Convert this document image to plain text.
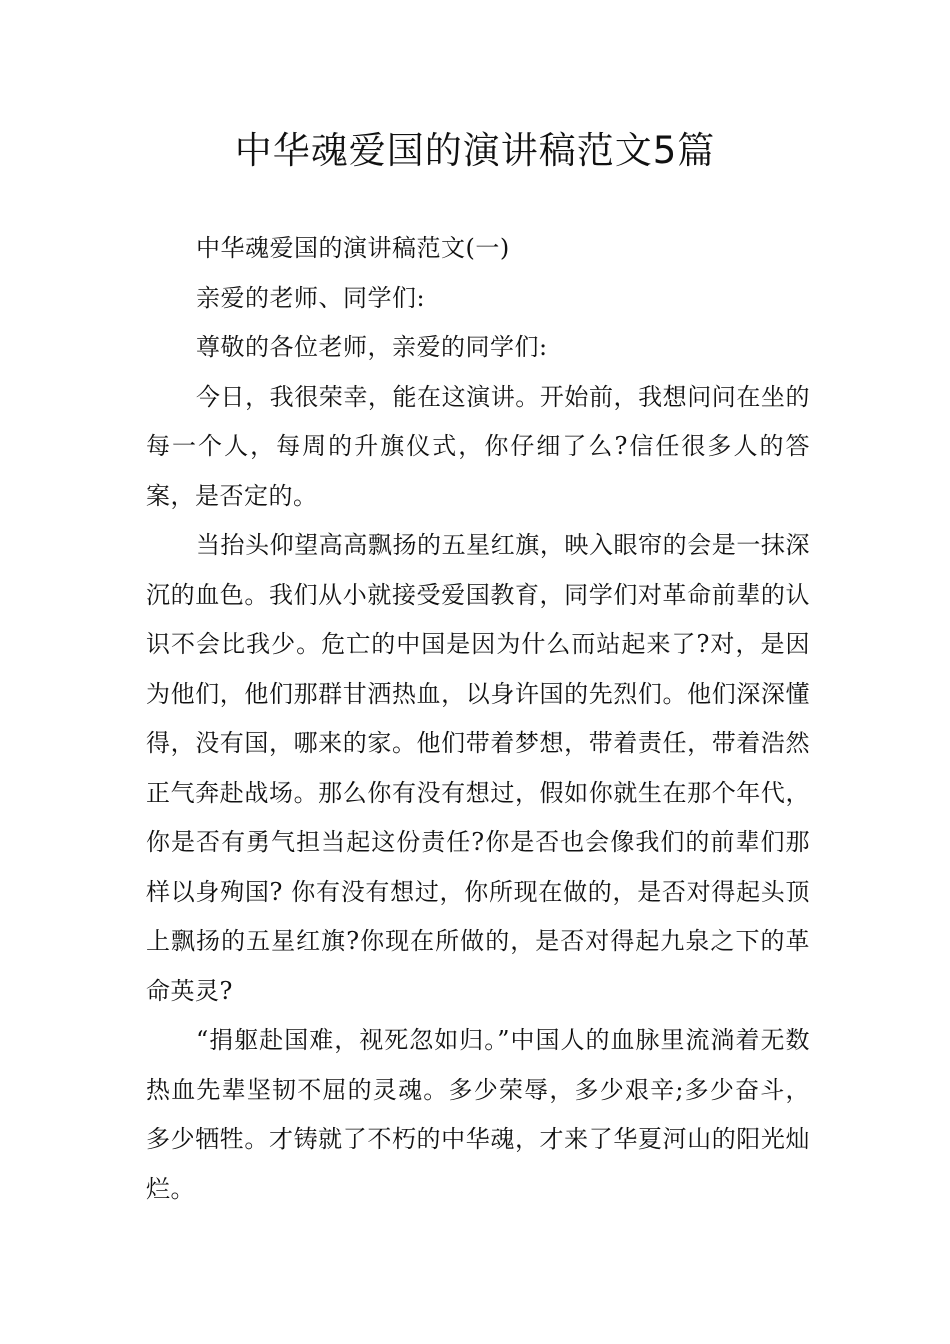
中华魂爱国的演讲稿范文5篇

中华魂爱国的演讲稿范文(一)

亲爱的老师、同学们:

尊敬的各位老师，亲爱的同学们:

今日，我很荣幸，能在这演讲。开始前，我想问问在坐的每一个人，每周的升旗仪式，你仔细了么?信任很多人的答案，是否定的。

当抬头仰望高高飘扬的五星红旗，映入眼帘的会是一抹深沉的血色。我们从小就接受爱国教育，同学们对革命前辈的认识不会比我少。危亡的中国是因为什么而站起来了?对，是因为他们，他们那群甘洒热血，以身许国的先烈们。他们深深懂得，没有国，哪来的家。他们带着梦想，带着责任，带着浩然正气奔赴战场。那么你有没有想过，假如你就生在那个年代，你是否有勇气担当起这份责任?你是否也会像我们的前辈们那样以身殉国? 你有没有想过，你所现在做的，是否对得起头顶上飘扬的五星红旗?你现在所做的，是否对得起九泉之下的革命英灵?

“捐躯赴国难，视死忽如归。”中国人的血脉里流淌着无数热血先辈坚韧不屈的灵魂。多少荣辱，多少艰辛;多少奋斗，多少牺牲。才铸就了不朽的中华魂，才来了华夏河山的阳光灿烂。
